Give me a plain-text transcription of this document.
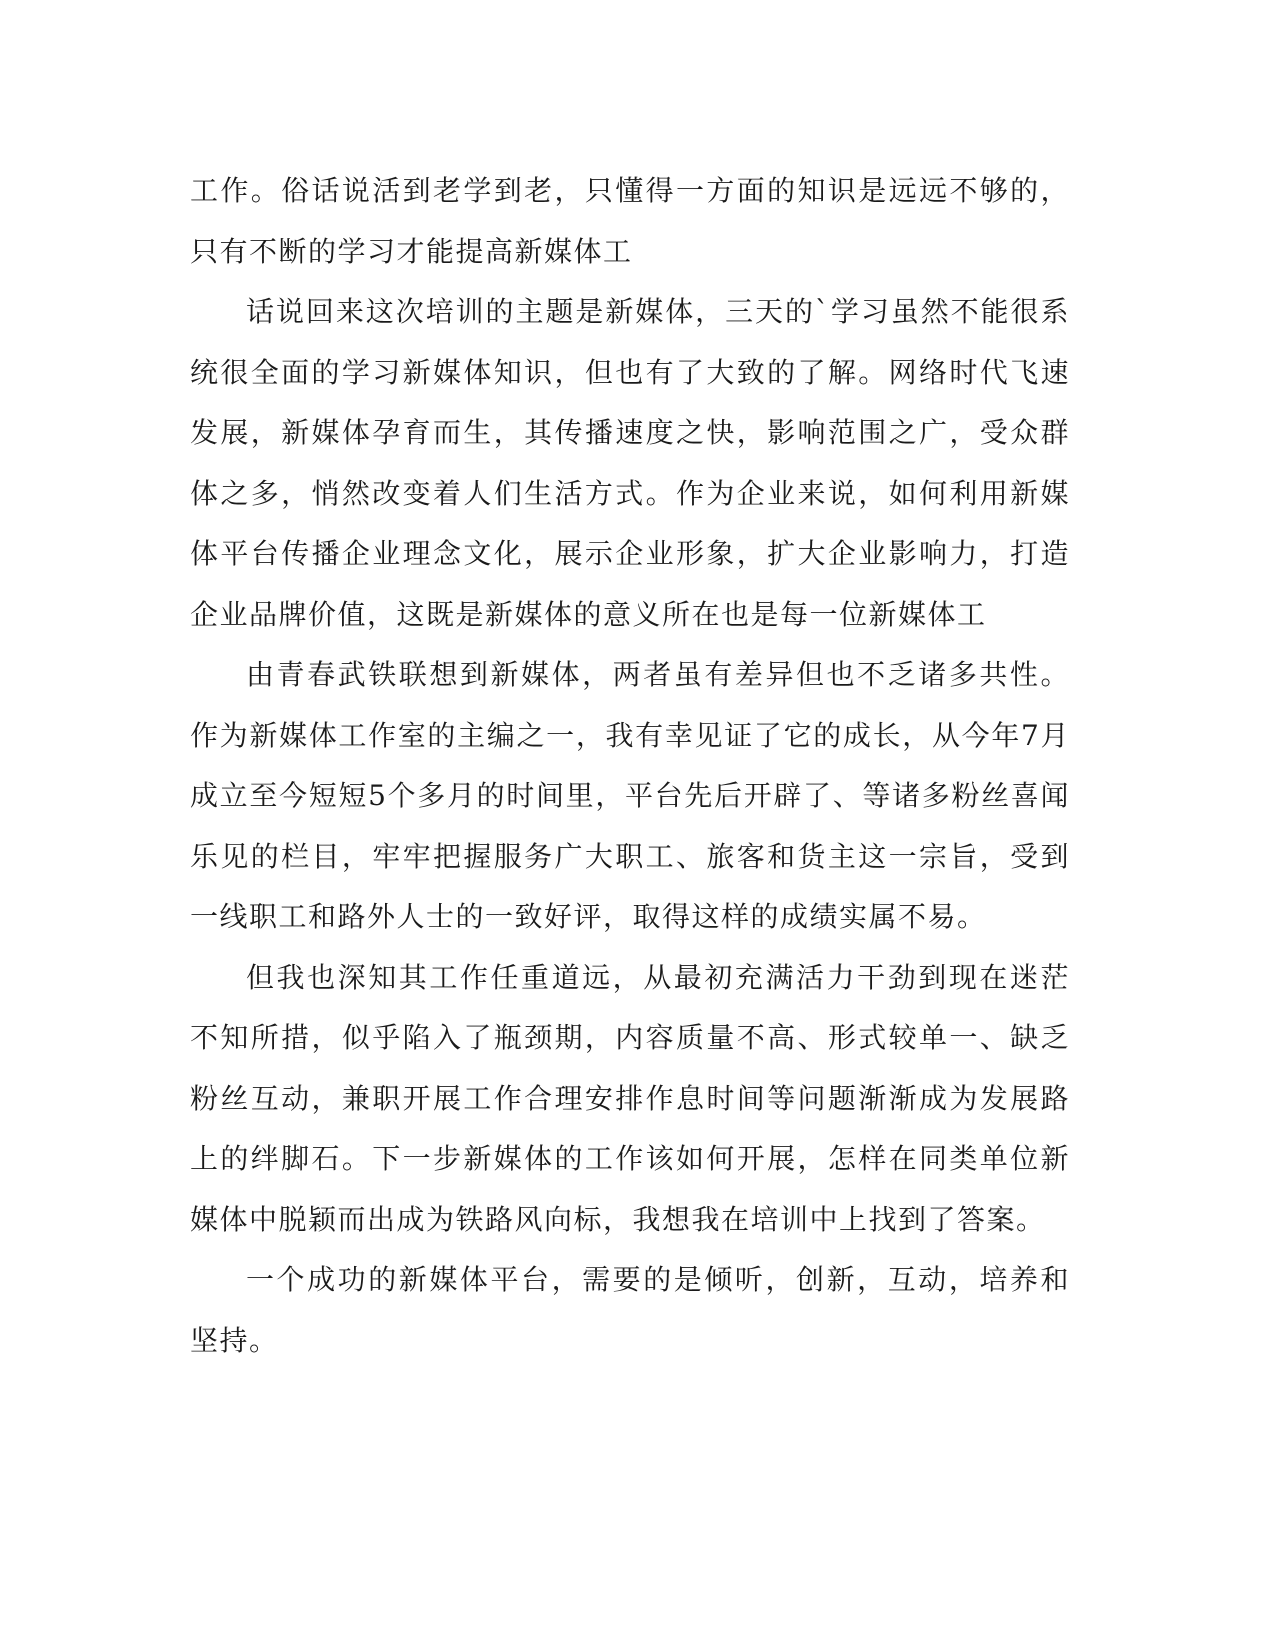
工作。俗话说活到老学到老，只懂得一方面的知识是远远不够的，只有不断的学习才能提高新媒体工

话说回来这次培训的主题是新媒体，三天的`学习虽然不能很系统很全面的学习新媒体知识，但也有了大致的了解。网络时代飞速发展，新媒体孕育而生，其传播速度之快，影响范围之广，受众群体之多，悄然改变着人们生活方式。作为企业来说，如何利用新媒体平台传播企业理念文化，展示企业形象，扩大企业影响力，打造企业品牌价值，这既是新媒体的意义所在也是每一位新媒体工

由青春武铁联想到新媒体，两者虽有差异但也不乏诸多共性。作为新媒体工作室的主编之一，我有幸见证了它的成长，从今年7月成立至今短短5个多月的时间里，平台先后开辟了、等诸多粉丝喜闻乐见的栏目，牢牢把握服务广大职工、旅客和货主这一宗旨，受到一线职工和路外人士的一致好评，取得这样的成绩实属不易。

但我也深知其工作任重道远，从最初充满活力干劲到现在迷茫不知所措，似乎陷入了瓶颈期，内容质量不高、形式较单一、缺乏粉丝互动，兼职开展工作合理安排作息时间等问题渐渐成为发展路上的绊脚石。下一步新媒体的工作该如何开展，怎样在同类单位新媒体中脱颖而出成为铁路风向标，我想我在培训中上找到了答案。

一个成功的新媒体平台，需要的是倾听，创新，互动，培养和坚持。
